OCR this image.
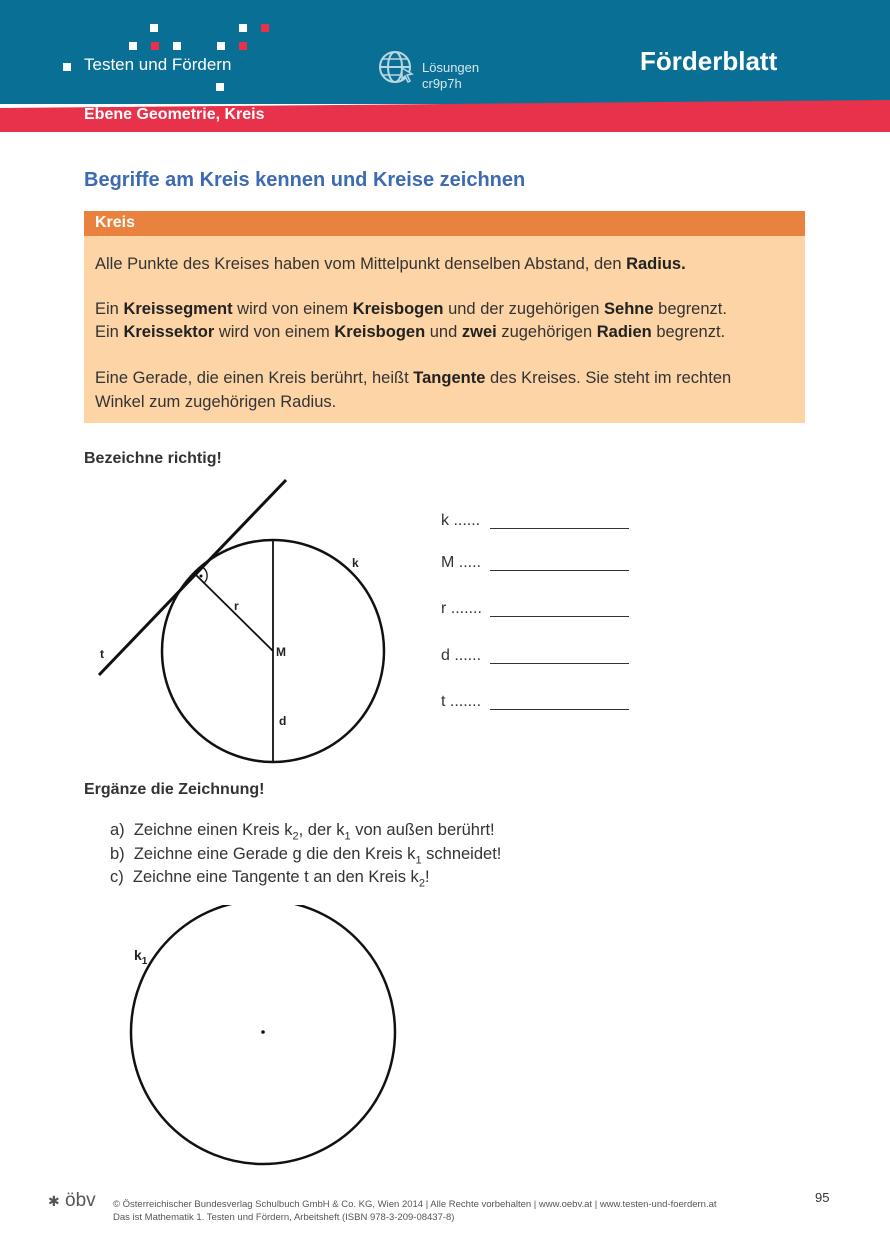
Testen und Fördern	Lösungen
cr9p7h
Förderblatt
Ebene Geometrie, Kreis
Begriffe am Kreis kennen und Kreise zeichnen
Kreis
Alle Punkte des Kreises haben vom Mittelpunkt denselben Abstand, den Radius.
Ein Kreissegment wird von einem Kreisbogen und der zugehörigen Sehne begrenzt.
Ein Kreissektor wird von einem Kreisbogen und zwei zugehörigen Radien begrenzt.
Eine Gerade, die einen Kreis berührt, heißt Tangente des Kreises. Sie steht im rechten
Winkel zum zugehörigen Radius.
Bezeichne richtig!
k
r
t	M
d
k ......
M .....
r .......
d ......
t .......
Ergänze die Zeichnung!
a) Zeichne einen Kreis $k_2$, der $k_1$ von außen berührt!
b) Zeichne eine Gerade g die den Kreis $k_1$ schneidet!
c) Zeichne eine Tangente t an den Kreis $k_2$!
$k_1$
✱ öbv © Österreichischer Bundesverlag Schulbuch GmbH & Co. KG, Wien 2014 | Alle Rechte vorbehalten | www.oebv.at | www.testen-und-foerdern.at
Das ist Mathematik 1. Testen und Fördern, Arbeitsheft (ISBN 978-3-209-08437-8)
95
